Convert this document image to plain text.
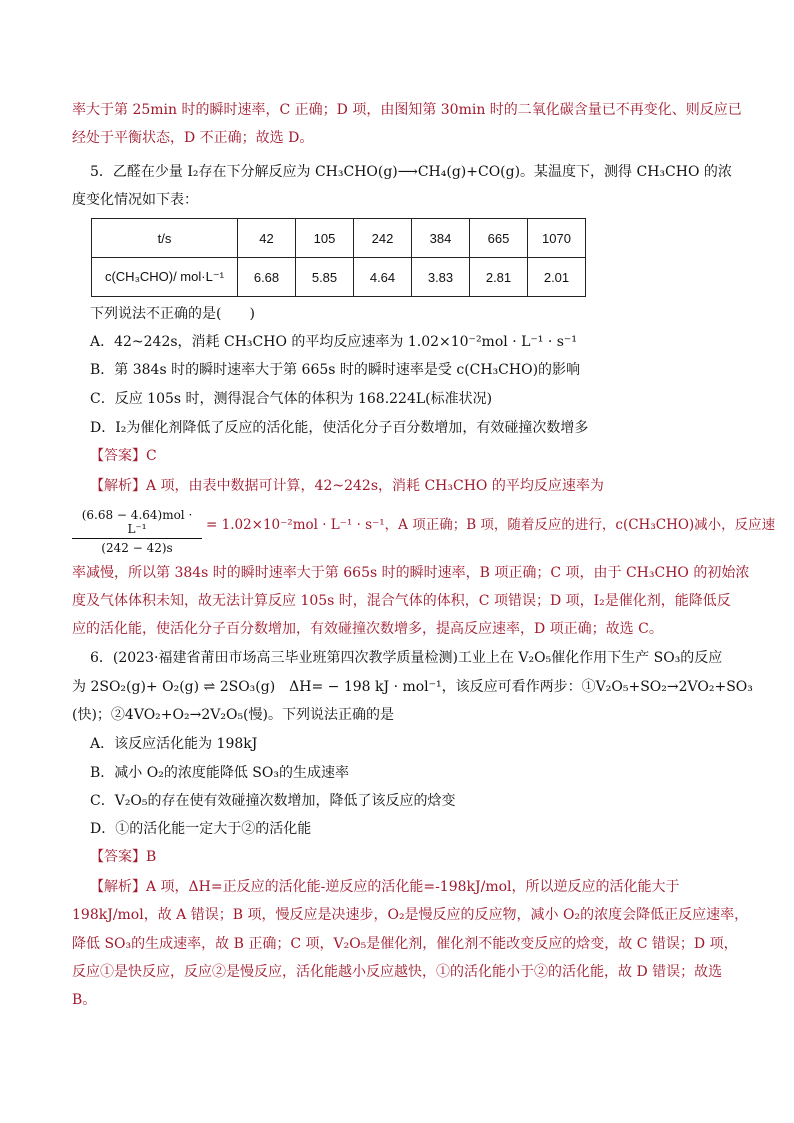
率大于第 25min 时的瞬时速率，C 正确；D 项，由图知第 30min 时的二氧化碳含量已不再变化、则反应已
经处于平衡状态，D 不正确；故选 D。
5．乙醛在少量 I₂存在下分解反应为 CH₃CHO(g)⟶CH₄(g)+CO(g)。某温度下，测得 CH₃CHO 的浓
度变化情况如下表：
t/s	42	105	242	384	665	1070
c(CH₃CHO)/ mol·L⁻¹	6.68	5.85	4.64	3.83	2.81	2.01
下列说法不正确的是(　　)
A．42~242s，消耗 CH₃CHO 的平均反应速率为 1.02×10⁻²mol · L⁻¹ · s⁻¹
B．第 384s 时的瞬时速率大于第 665s 时的瞬时速率是受 c(CH₃CHO)的影响
C．反应 105s 时，测得混合气体的体积为 168.224L(标准状况)
D．I₂为催化剂降低了反应的活化能，使活化分子百分数增加，有效碰撞次数增多
【答案】C
【解析】A 项，由表中数据可计算，42~242s，消耗 CH₃CHO 的平均反应速率为
(6.68 − 4.64)mol · L⁻¹
(242 − 42)s
= 1.02×10⁻²mol · L⁻¹ · s⁻¹，A 项正确；B 项，随着反应的进行，c(CH₃CHO)减小，反应速
率减慢，所以第 384s 时的瞬时速率大于第 665s 时的瞬时速率，B 项正确；C 项，由于 CH₃CHO 的初始浓
度及气体体积未知，故无法计算反应 105s 时，混合气体的体积，C 项错误；D 项，I₂是催化剂，能降低反
应的活化能，使活化分子百分数增加，有效碰撞次数增多，提高反应速率，D 项正确；故选 C。
6．(2023·福建省莆田市场高三毕业班第四次教学质量检测)工业上在 V₂O₅催化作用下生产 SO₃的反应
为 2SO₂(g)+ O₂(g) ⇌ 2SO₃(g)　ΔH= − 198 kJ · mol⁻¹，该反应可看作两步：①V₂O₅+SO₂→2VO₂+SO₃
(快)；②4VO₂+O₂→2V₂O₅(慢)。下列说法正确的是
A．该反应活化能为 198kJ
B．减小 O₂的浓度能降低 SO₃的生成速率
C．V₂O₅的存在使有效碰撞次数增加，降低了该反应的焓变
D．①的活化能一定大于②的活化能
【答案】B
【解析】A 项，ΔH=正反应的活化能-逆反应的活化能=-198kJ/mol，所以逆反应的活化能大于
198kJ/mol，故 A 错误；B 项，慢反应是决速步，O₂是慢反应的反应物，减小 O₂的浓度会降低正反应速率，
降低 SO₃的生成速率，故 B 正确；C 项，V₂O₅是催化剂，催化剂不能改变反应的焓变，故 C 错误；D 项，
反应①是快反应，反应②是慢反应，活化能越小反应越快，①的活化能小于②的活化能，故 D 错误；故选
B。
